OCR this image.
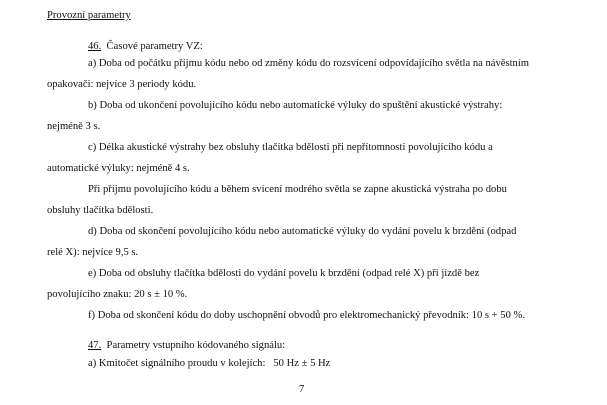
Provozní parametry

46. Časové parametry VZ:

a) Doba od počátku příjmu kódu nebo od změny kódu do rozsvícení odpovídajícího světla na návěstním

opakovači: nejvíce 3 periody kódu.

b) Doba od ukončení povolujícího kódu nebo automatické výluky do spuštění akustické výstrahy:

nejméně 3 s.

c) Délka akustické výstrahy bez obsluhy tlačítka bdělosti při nepřítomnosti povolujícího kódu a

automatické výluky: nejméně 4 s.

Při příjmu povolujícího kódu a během svícení modrého světla se zapne akustická výstraha po dobu

obsluhy tlačítka bdělosti.

d) Doba od skončení povolujícího kódu nebo automatické výluky do vydání povelu k brzdění (odpad

relé X): nejvíce 9,5 s.

e) Doba od obsluhy tlačítka bdělosti do vydání povelu k brzdění (odpad relé X) při jízdě bez

povolujícího znaku: 20 s ± 10 %.

f) Doba od skončení kódu do doby uschopnění obvodů pro elektromechanický převodník: 10 s + 50 %.

47. Parametry vstupního kódovaného signálu:

a) Kmitočet signálního proudu v kolejích: 50 Hz ± 5 Hz

7
